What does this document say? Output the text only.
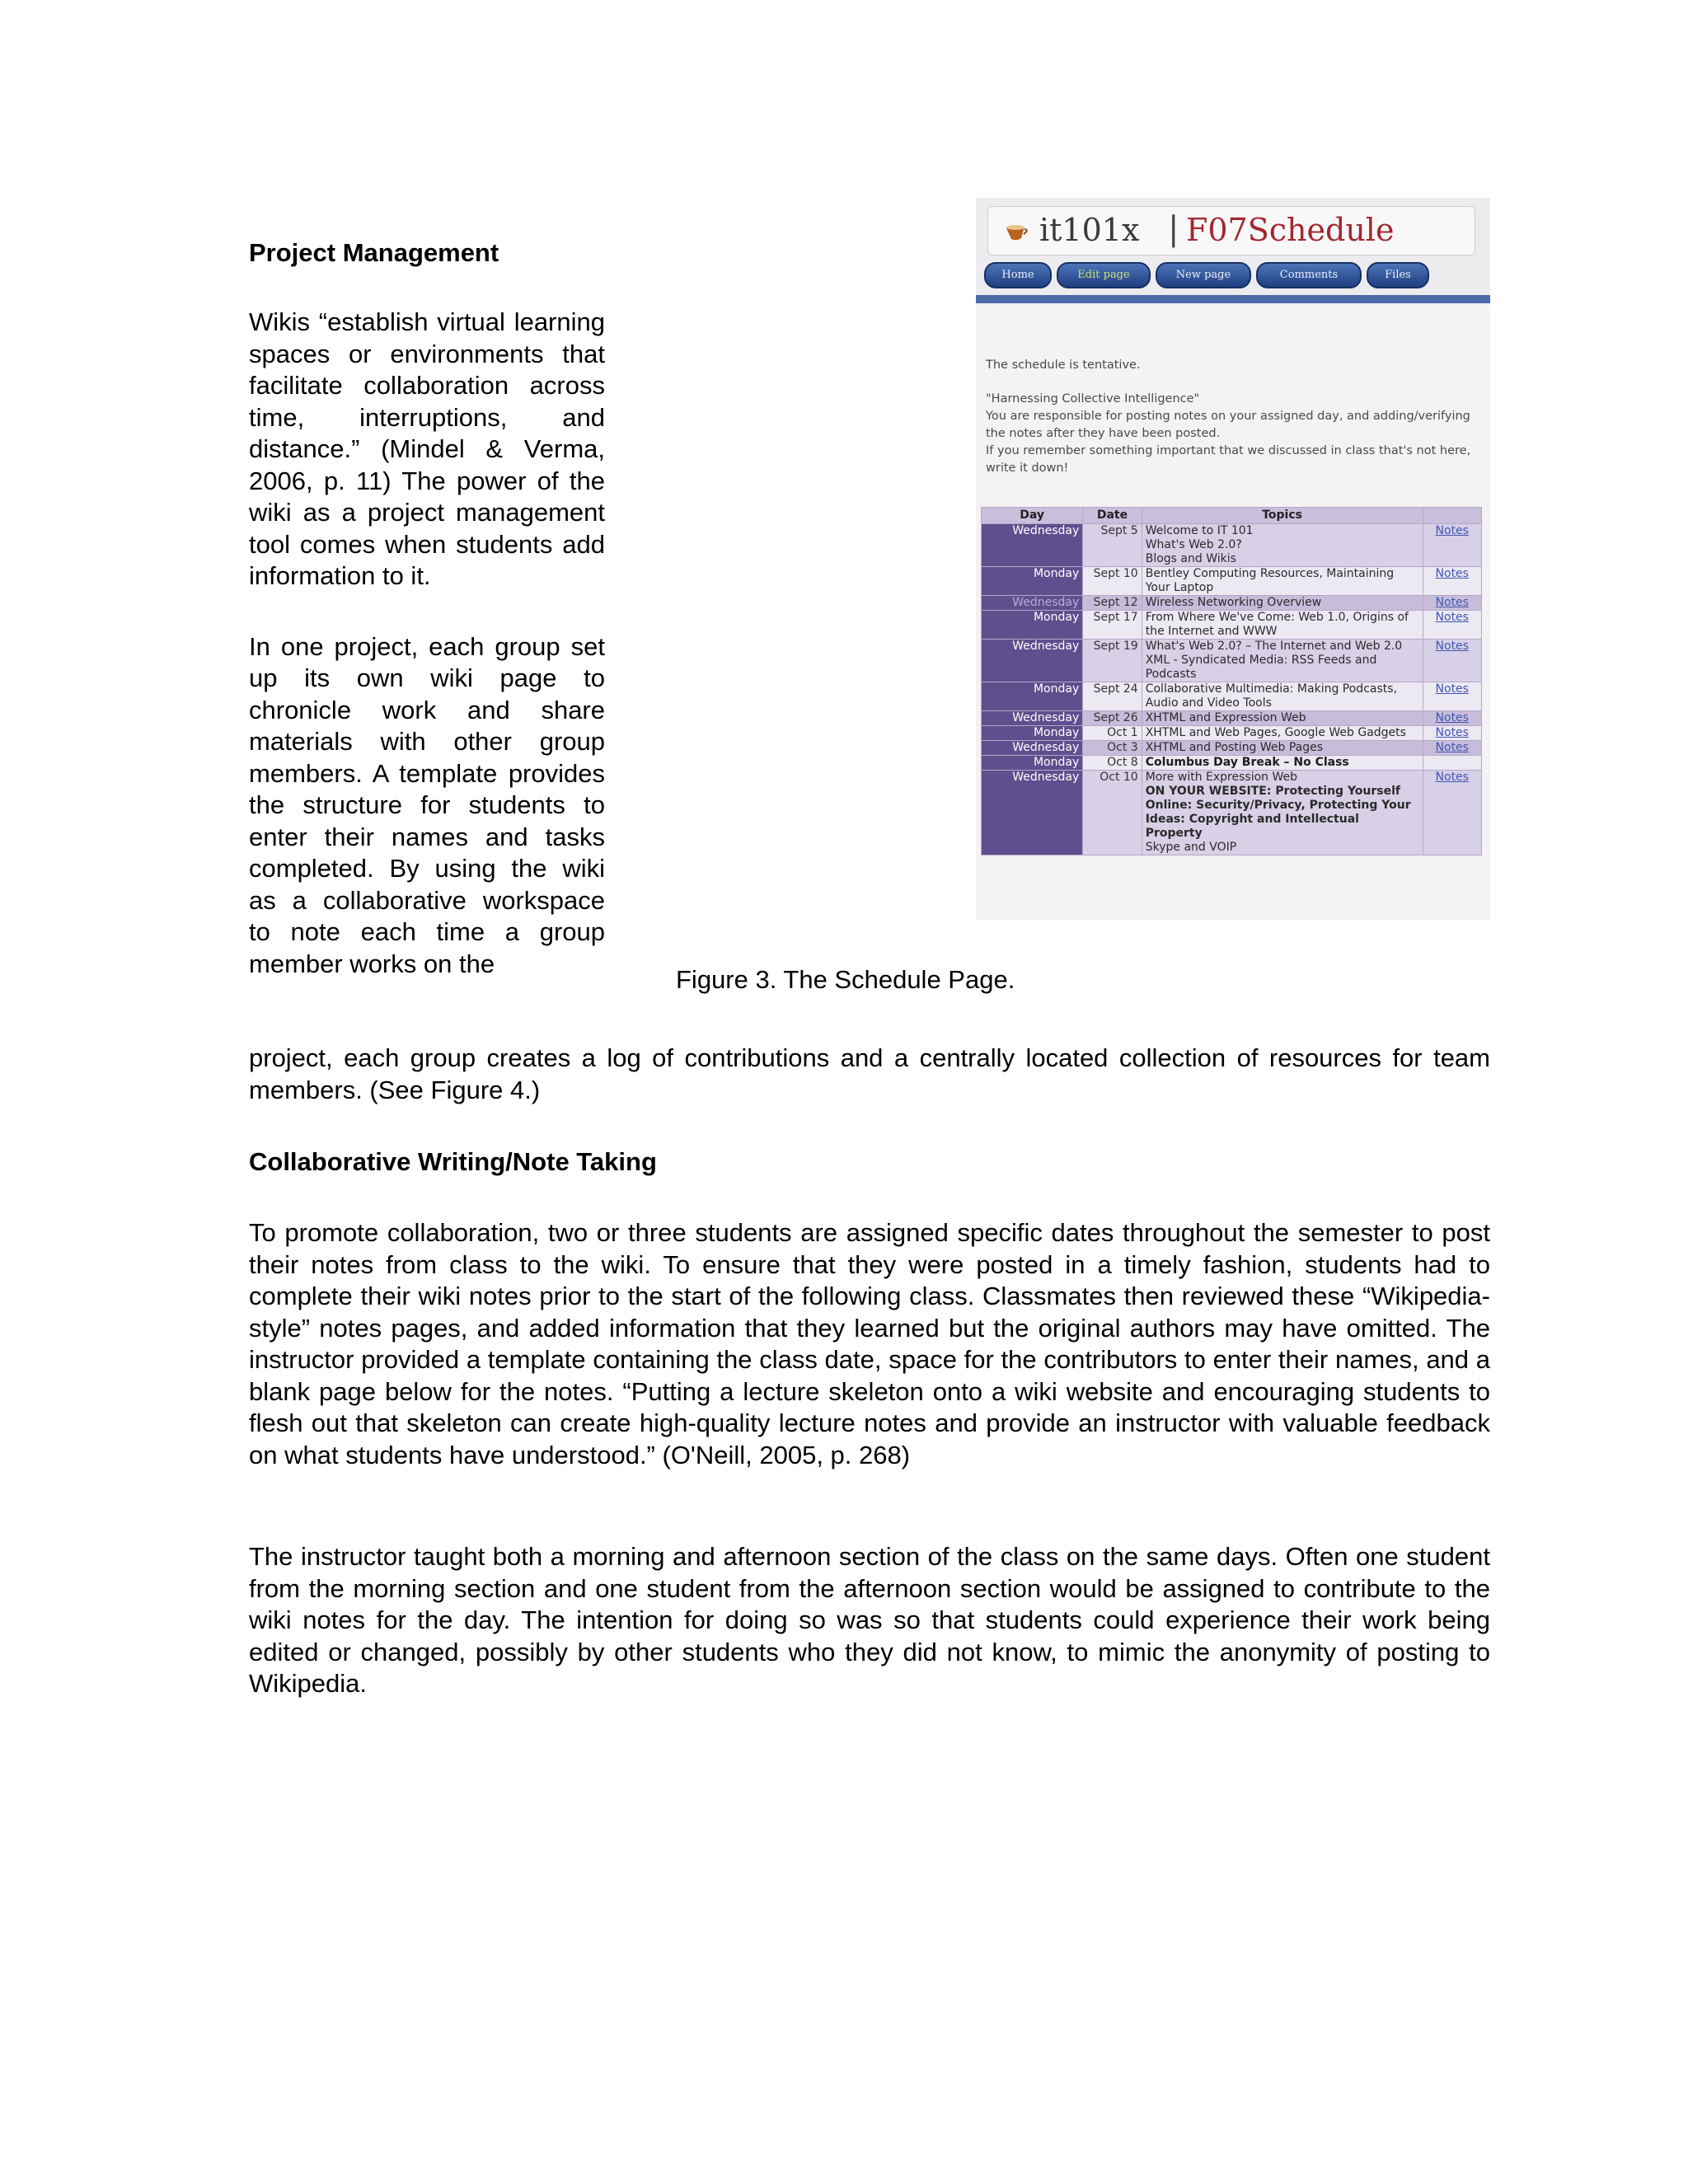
Project Management

Wikis “establish virtual learning spaces or environments that facilitate collaboration across time, interruptions, and distance.” (Mindel & Verma, 2006, p. 11) The power of the wiki as a project management tool comes when students add information to it.

In one project, each group set up its own wiki page to chronicle work and share materials with other group members. A template provides the structure for students to enter their names and tasks completed. By using the wiki as a collaborative workspace to note each time a group member works on the

project, each group creates a log of contributions and a centrally located collection of resources for team members. (See Figure 4.)

it101x | F07Schedule
Home	Edit page	New page	Comments	Files

The schedule is tentative.

"Harnessing Collective Intelligence"

You are responsible for posting notes on your assigned day, and adding/verifying the notes after they have been posted.

If you remember something important that we discussed in class that's not here, write it down!

Day	Date	Topics	
Wednesday	Sept 5	Welcome to IT 101
What's Web 2.0?
Blogs and Wikis	Notes
Monday	Sept 10	Bentley Computing Resources, Maintaining Your Laptop	Notes
Wednesday	Sept 12	Wireless Networking Overview	Notes
Monday	Sept 17	From Where We've Come: Web 1.0, Origins of the Internet and WWW	Notes
Wednesday	Sept 19	What's Web 2.0? – The Internet and Web 2.0
XML - Syndicated Media: RSS Feeds and Podcasts	Notes
Monday	Sept 24	Collaborative Multimedia: Making Podcasts, Audio and Video Tools	Notes
Wednesday	Sept 26	XHTML and Expression Web	Notes
Monday	Oct 1	XHTML and Web Pages, Google Web Gadgets	Notes
Wednesday	Oct 3	XHTML and Posting Web Pages	Notes
Monday	Oct 8	Columbus Day Break – No Class	
Wednesday	Oct 10	More with Expression Web
ON YOUR WEBSITE: Protecting Yourself Online: Security/Privacy, Protecting Your Ideas: Copyright and Intellectual Property
Skype and VOIP	Notes
Figure 3. The Schedule Page.
Collaborative Writing/Note Taking

To promote collaboration, two or three students are assigned specific dates throughout the semester to post their notes from class to the wiki. To ensure that they were posted in a timely fashion, students had to complete their wiki notes prior to the start of the following class. Classmates then reviewed these “Wikipedia-style” notes pages, and added information that they learned but the original authors may have omitted. The instructor provided a template containing the class date, space for the contributors to enter their names, and a blank page below for the notes. “Putting a lecture skeleton onto a wiki website and encouraging students to flesh out that skeleton can create high-quality lecture notes and provide an instructor with valuable feedback on what students have understood.” (O'Neill, 2005, p. 268)

The instructor taught both a morning and afternoon section of the class on the same days. Often one student from the morning section and one student from the afternoon section would be assigned to contribute to the wiki notes for the day. The intention for doing so was so that students could experience their work being edited or changed, possibly by other students who they did not know, to mimic the anonymity of posting to Wikipedia.
